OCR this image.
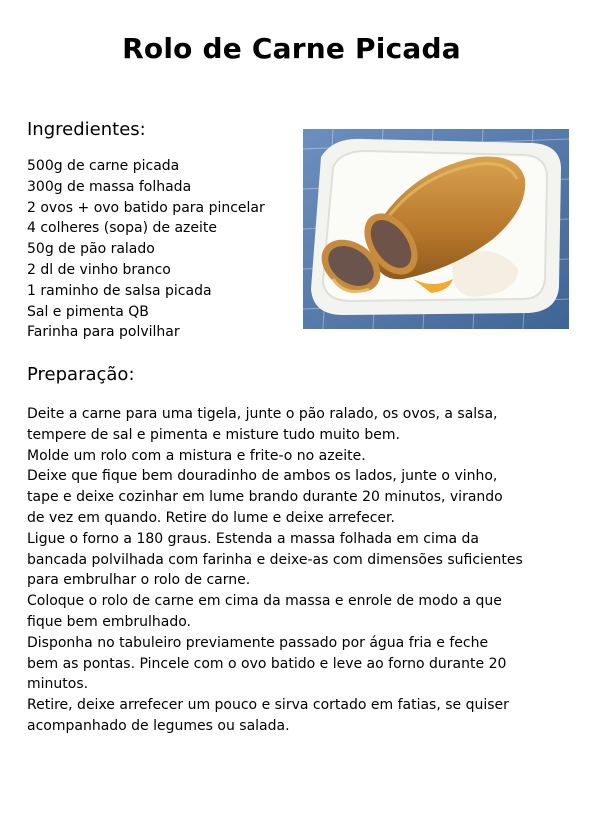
Rolo de Carne Picada
Ingredientes:
500g de carne picada
300g de massa folhada
2 ovos + ovo batido para pincelar
4 colheres (sopa) de azeite
50g de pão ralado
2 dl de vinho branco
1 raminho de salsa picada
Sal e pimenta QB
Farinha para polvilhar
Preparação:
Deite a carne para uma tigela, junte o pão ralado, os ovos, a salsa,
tempere de sal e pimenta e misture tudo muito bem.
Molde um rolo com a mistura e frite-o no azeite.
Deixe que fique bem douradinho de ambos os lados, junte o vinho,
tape e deixe cozinhar em lume brando durante 20 minutos, virando
de vez em quando. Retire do lume e deixe arrefecer.
Ligue o forno a 180 graus. Estenda a massa folhada em cima da
bancada polvilhada com farinha e deixe-as com dimensões suficientes
para embrulhar o rolo de carne.
Coloque o rolo de carne em cima da massa e enrole de modo a que
fique bem embrulhado.
Disponha no tabuleiro previamente passado por água fria e feche
bem as pontas. Pincele com o ovo batido e leve ao forno durante 20
minutos.
Retire, deixe arrefecer um pouco e sirva cortado em fatias, se quiser
acompanhado de legumes ou salada.
